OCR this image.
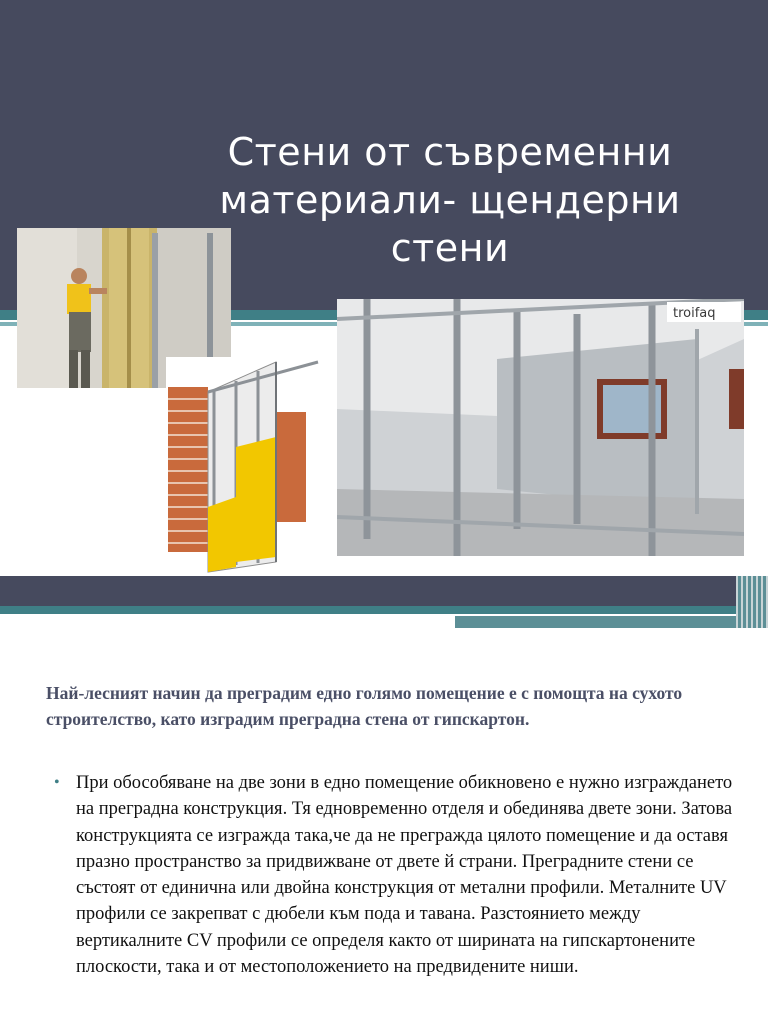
Стени от съвременни материали- щендерни стени
troifaq

Най-лесният начин да преградим едно голямо помещение е с помощта на сухото строителство, като изградим преградна стена от гипскартон.

• При обособяване на две зони в едно помещение обикновено е нужно изграждането на преградна конструкция. Тя едновременно отделя и обединява двете зони. Затова конструкцията се изгражда така,че да не преграждa цялото помещение и да оставя празно пространство за придвижване от двете й страни. Преградните стени се състоят от единична или двойна конструкция от метални профили. Металните UV профили се закрепват с дюбели към пода и тавана. Разстоянието между вертикалните CV профили се определя както от ширината на гипскартонените плоскости, така и от местоположението на предвидените ниши.
